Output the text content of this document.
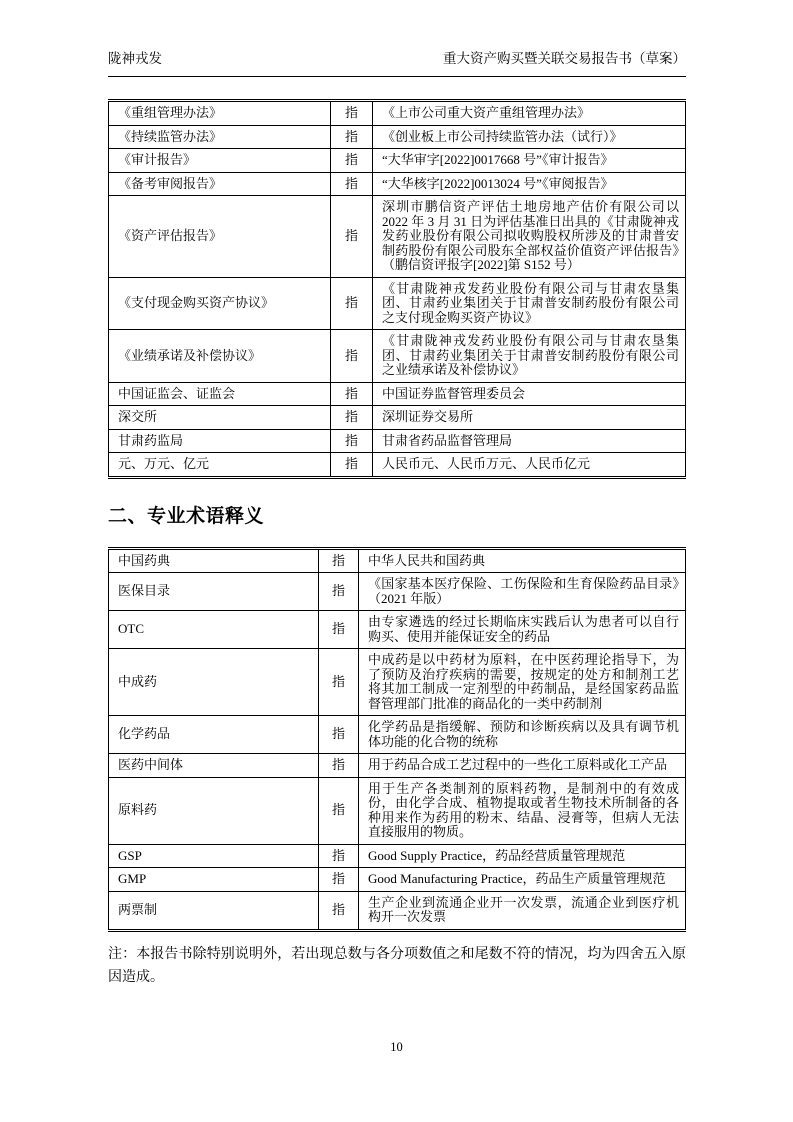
陇神戎发	重大资产购买暨关联交易报告书（草案）
《重组管理办法》	指	《上市公司重大资产重组管理办法》
《持续监管办法》	指	《创业板上市公司持续监管办法（试行）》
《审计报告》	指	“大华审字[2022]0017668 号”《审计报告》
《备考审阅报告》	指	“大华核字[2022]0013024 号”《审阅报告》
《资产评估报告》	指	深圳市鹏信资产评估土地房地产估价有限公司以 2022 年 3 月 31 日为评估基准日出具的《甘肃陇神戎发药业股份有限公司拟收购股权所涉及的甘肃普安制药股份有限公司股东全部权益价值资产评估报告》（鹏信资评报字[2022]第 S152 号）
《支付现金购买资产协议》	指	《甘肃陇神戎发药业股份有限公司与甘肃农垦集团、甘肃药业集团关于甘肃普安制药股份有限公司之支付现金购买资产协议》
《业绩承诺及补偿协议》	指	《甘肃陇神戎发药业股份有限公司与甘肃农垦集团、甘肃药业集团关于甘肃普安制药股份有限公司之业绩承诺及补偿协议》
中国证监会、证监会	指	中国证券监督管理委员会
深交所	指	深圳证券交易所
甘肃药监局	指	甘肃省药品监督管理局
元、万元、亿元	指	人民币元、人民币万元、人民币亿元
二、专业术语释义
中国药典	指	中华人民共和国药典
医保目录	指	《国家基本医疗保险、工伤保险和生育保险药品目录》（2021 年版）
OTC	指	由专家遴选的经过长期临床实践后认为患者可以自行购买、使用并能保证安全的药品
中成药	指	中成药是以中药材为原料，在中医药理论指导下，为了预防及治疗疾病的需要，按规定的处方和制剂工艺将其加工制成一定剂型的中药制品，是经国家药品监督管理部门批准的商品化的一类中药制剂
化学药品	指	化学药品是指缓解、预防和诊断疾病以及具有调节机体功能的化合物的统称
医药中间体	指	用于药品合成工艺过程中的一些化工原料或化工产品
原料药	指	用于生产各类制剂的原料药物，是制剂中的有效成份，由化学合成、植物提取或者生物技术所制备的各种用来作为药用的粉末、结晶、浸膏等，但病人无法直接服用的物质。
GSP	指	Good Supply Practice，药品经营质量管理规范
GMP	指	Good Manufacturing Practice，药品生产质量管理规范
两票制	指	生产企业到流通企业开一次发票，流通企业到医疗机构开一次发票

注：本报告书除特别说明外，若出现总数与各分项数值之和尾数不符的情况，均为四舍五入原因造成。

10
